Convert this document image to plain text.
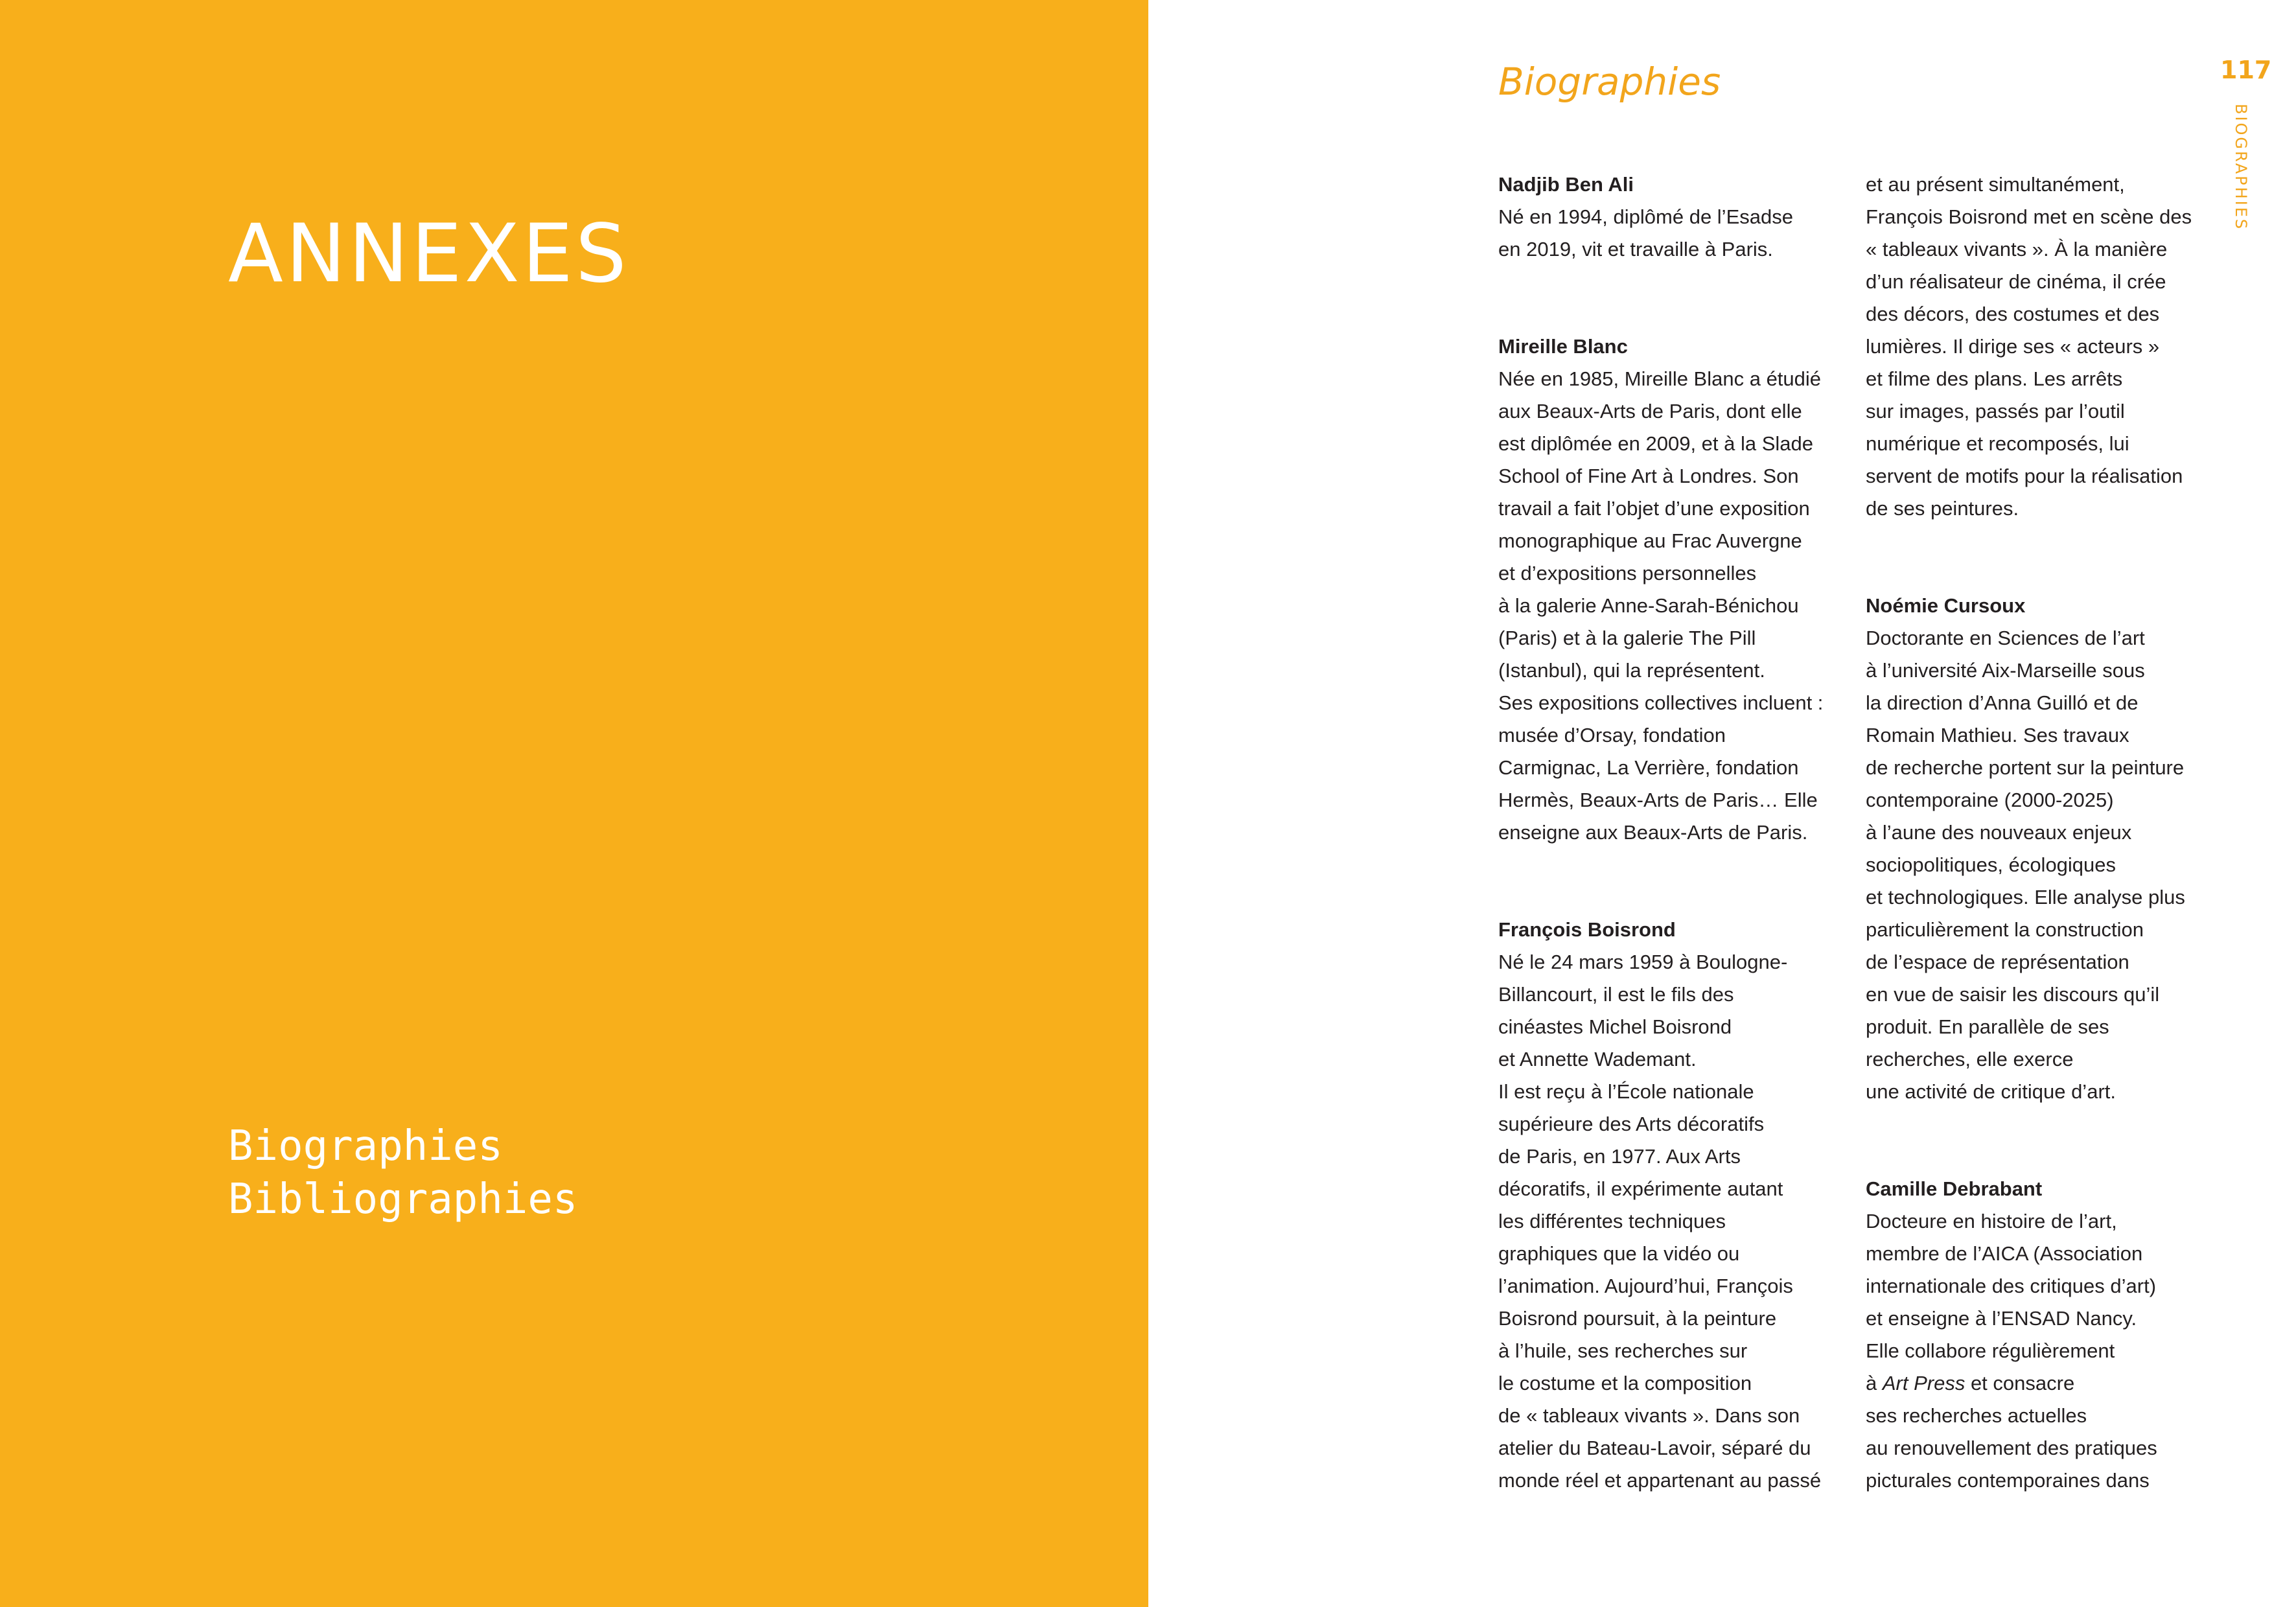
ANNEXES
Biographies
Bibliographies
Biographies	117
BIOGRAPHIES
Nadjib Ben Ali
Né en 1994, diplômé de l’Esadse
en 2019, vit et travaille à Paris.
Mireille Blanc
Née en 1985, Mireille Blanc a étudié
aux Beaux-Arts de Paris, dont elle
est diplômée en 2009, et à la Slade
School of Fine Art à Londres. Son
travail a fait l’objet d’une exposition
monographique au Frac Auvergne
et d’expositions personnelles
à la galerie Anne-Sarah-Bénichou
(Paris) et à la galerie The Pill
(Istanbul), qui la représentent.
Ses expositions collectives incluent :
musée d’Orsay, fondation
Carmignac, La Verrière, fondation
Hermès, Beaux-Arts de Paris… Elle
enseigne aux Beaux-Arts de Paris.
François Boisrond
Né le 24 mars 1959 à Boulogne-
Billancourt, il est le fils des
cinéastes Michel Boisrond
et Annette Wademant.
Il est reçu à l’École nationale
supérieure des Arts décoratifs
de Paris, en 1977. Aux Arts
décoratifs, il expérimente autant
les différentes techniques
graphiques que la vidéo ou
l’animation. Aujourd’hui, François
Boisrond poursuit, à la peinture
à l’huile, ses recherches sur
le costume et la composition
de « tableaux vivants ». Dans son
atelier du Bateau-Lavoir, séparé du
monde réel et appartenant au passé
et au présent simultanément,
François Boisrond met en scène des
« tableaux vivants ». À la manière
d’un réalisateur de cinéma, il crée
des décors, des costumes et des
lumières. Il dirige ses « acteurs »
et filme des plans. Les arrêts
sur images, passés par l’outil
numérique et recomposés, lui
servent de motifs pour la réalisation
de ses peintures.
Noémie Cursoux
Doctorante en Sciences de l’art
à l’université Aix-Marseille sous
la direction d’Anna Guilló et de
Romain Mathieu. Ses travaux
de recherche portent sur la peinture
contemporaine (2000-2025)
à l’aune des nouveaux enjeux
sociopolitiques, écologiques
et technologiques. Elle analyse plus
particulièrement la construction
de l’espace de représentation
en vue de saisir les discours qu’il
produit. En parallèle de ses
recherches, elle exerce
une activité de critique d’art.
Camille Debrabant
Docteure en histoire de l’art,
membre de l’AICA (Association
internationale des critiques d’art)
et enseigne à l’ENSAD Nancy.
Elle collabore régulièrement
à Art Press et consacre
ses recherches actuelles
au renouvellement des pratiques
picturales contemporaines dans
